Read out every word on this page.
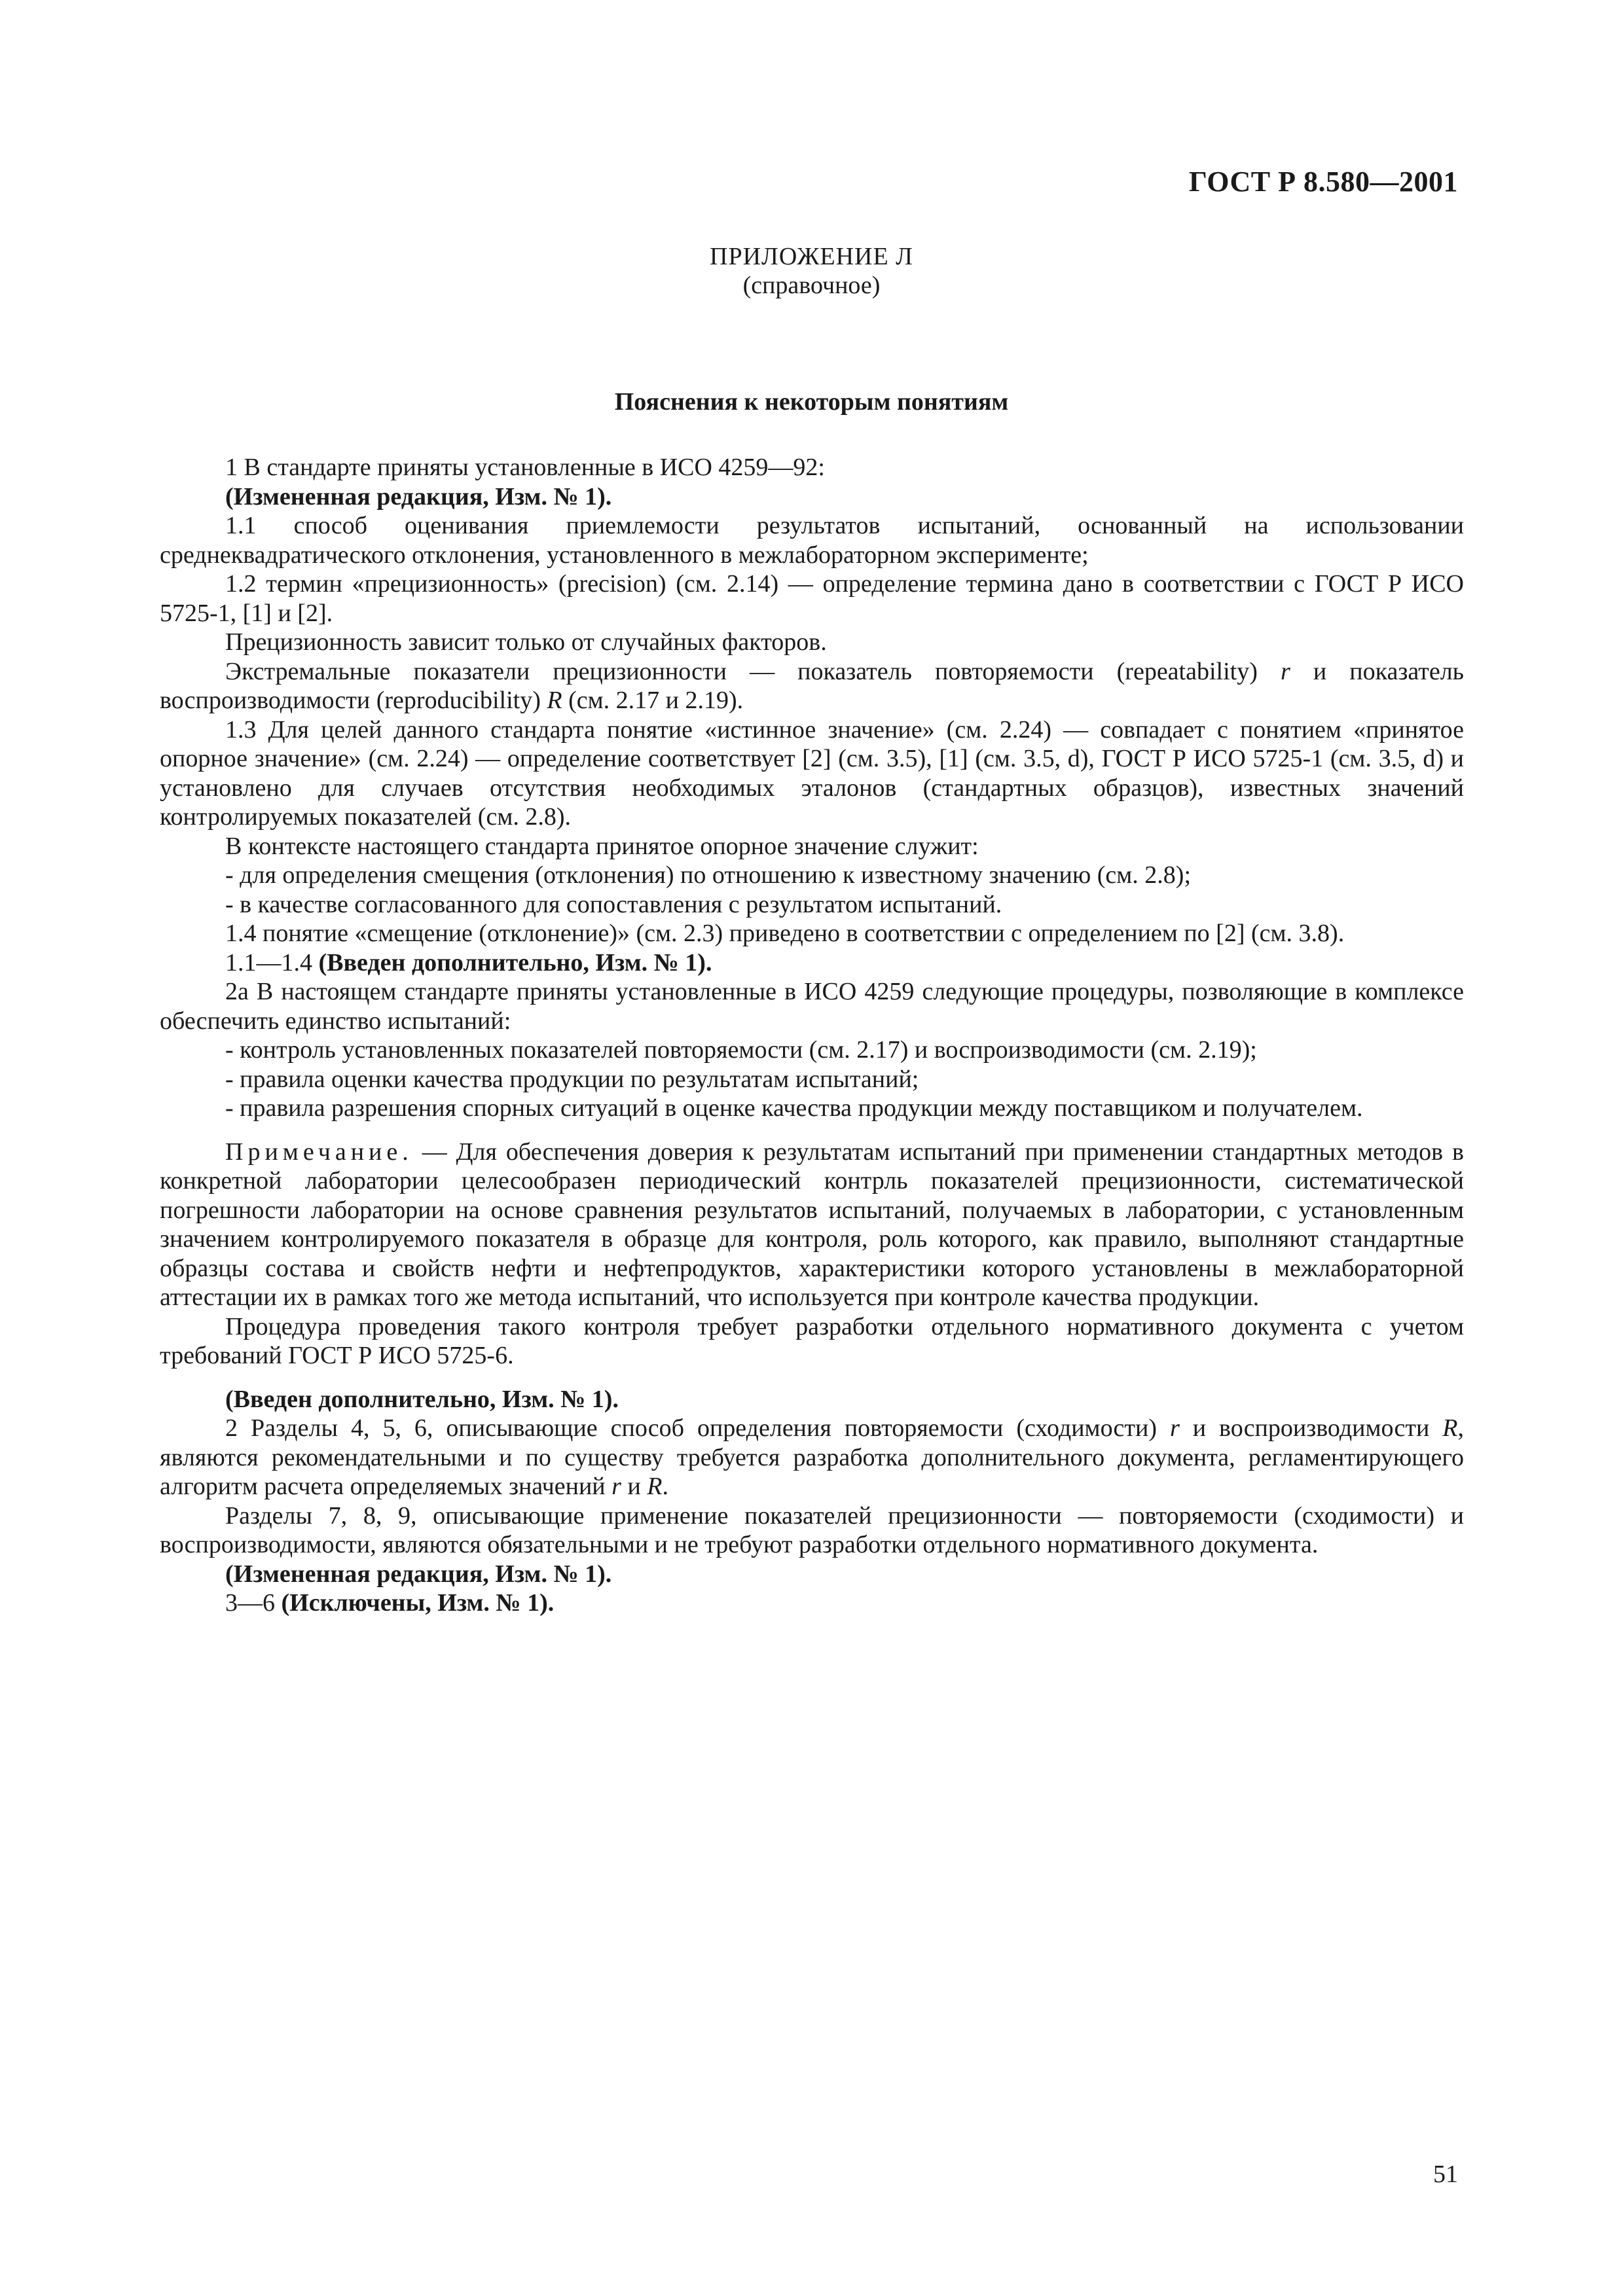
ГОСТ Р 8.580—2001
ПРИЛОЖЕНИЕ Л
(справочное)
Пояснения к некоторым понятиям

1 В стандарте приняты установленные в ИСО 4259—92:

(Измененная редакция, Изм. № 1).

1.1 способ оценивания приемлемости результатов испытаний, основанный на использовании среднеквадратического отклонения, установленного в межлабораторном эксперименте;

1.2 термин «прецизионность» (precision) (см. 2.14) — определение термина дано в соответствии с ГОСТ Р ИСО 5725-1, [1] и [2].

Прецизионность зависит только от случайных факторов.

Экстремальные показатели прецизионности — показатель повторяемости (repeatability) r и показатель воспроизводимости (reproducibility) R (см. 2.17 и 2.19).

1.3 Для целей данного стандарта понятие «истинное значение» (см. 2.24) — совпадает с понятием «принятое опорное значение» (см. 2.24) — определение соответствует [2] (см. 3.5), [1] (см. 3.5, d), ГОСТ Р ИСО 5725-1 (см. 3.5, d) и установлено для случаев отсутствия необходимых эталонов (стандартных образцов), известных значений контролируемых показателей (см. 2.8).

В контексте настоящего стандарта принятое опорное значение служит:

- для определения смещения (отклонения) по отношению к известному значению (см. 2.8);

- в качестве согласованного для сопоставления с результатом испытаний.

1.4 понятие «смещение (отклонение)» (см. 2.3) приведено в соответствии с определением по [2] (см. 3.8).

1.1—1.4 (Введен дополнительно, Изм. № 1).

2а В настоящем стандарте приняты установленные в ИСО 4259 следующие процедуры, позволяющие в комплексе обеспечить единство испытаний:

- контроль установленных показателей повторяемости (см. 2.17) и воспроизводимости (см. 2.19);

- правила оценки качества продукции по результатам испытаний;

- правила разрешения спорных ситуаций в оценке качества продукции между поставщиком и получателем.

Примечание. — Для обеспечения доверия к результатам испытаний при применении стандартных методов в конкретной лаборатории целесообразен периодический контрль показателей прецизионности, систематической погрешности лаборатории на основе сравнения результатов испытаний, получаемых в лаборатории, с установленным значением контролируемого показателя в образце для контроля, роль которого, как правило, выполняют стандартные образцы состава и свойств нефти и нефтепродуктов, характеристики которого установлены в межлабораторной аттестации их в рамках того же метода испытаний, что используется при контроле качества продукции.

Процедура проведения такого контроля требует разработки отдельного нормативного документа с учетом требований ГОСТ Р ИСО 5725-6.

(Введен дополнительно, Изм. № 1).

2 Разделы 4, 5, 6, описывающие способ определения повторяемости (сходимости) r и воспроизводимости R, являются рекомендательными и по существу требуется разработка дополнительного документа, регламентирующего алгоритм расчета определяемых значений r и R.

Разделы 7, 8, 9, описывающие применение показателей прецизионности — повторяемости (сходимости) и воспроизводимости, являются обязательными и не требуют разработки отдельного нормативного документа.

(Измененная редакция, Изм. № 1).

3—6 (Исключены, Изм. № 1).

51
